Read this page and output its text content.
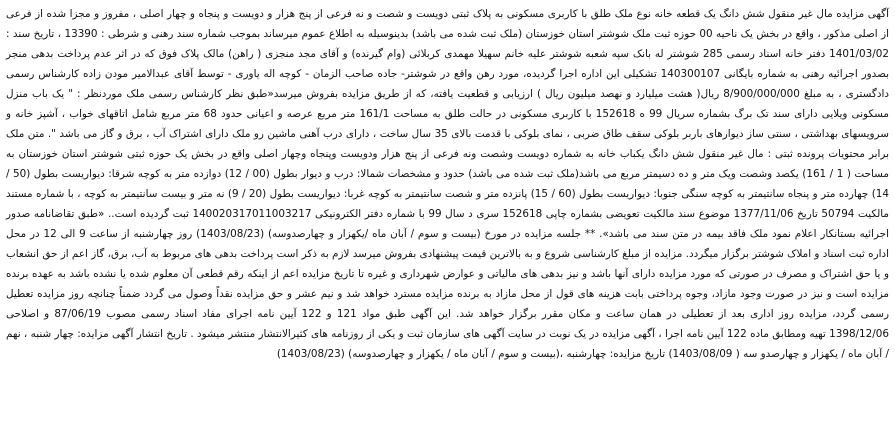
آگهی مزایده مال غیر منقول شش دانگ یک قطعه خانه نوع ملک طلق با کاربری مسکونی به پلاک ثبتی دویست و شصت و نه فرعی از پنج هزار و دویست و پنجاه و چهار اصلی ، مفروز و مجزا شده از فرعی از اصلی مذکور ، واقع در بخش یک ناحیه 00 حوزه ثبت ملک شوشتر استان خوزستان (ملک ثبت شده می باشد) بدینوسیله به اطلاع عموم میرساند بموجب شماره سند رهنی و شرطی : 13390 ، تاریخ سند : 1401/03/02 دفتر خانه اسناد رسمی 285 شوشتر له بانک سپه شعبه شوشتر علیه خانم سهیلا مهمدی کربلائی (وام گیرنده) و آقای مجد منجزی ( راهن) مالک پلاک فوق که در اثر عدم پرداخت بدهی منجر بصدور اجرائیه رهنی به شماره بایگانی 140300107 تشکیلی این اداره اجرا گردیده، مورد رهن واقع در شوشتر- جاده صاحب الزمان - کوچه اله یاوری - توسط آقای عبدالامیر مودن زاده کارشناس رسمی دادگستری ، به مبلغ 8/900/000/000 ریال( هشت میلیارد و نهصد میلیون ریال ) ارزیابی و قطعیت یافته، که از طریق مزایده بفروش میرسد«طبق نظر کارشناس رسمی ملک موردنظر : " یک باب منزل مسکونی ویلایی دارای سند تک برگ بشماره سریال 99 ه 152618 با کاربری مسکونی در حالت طلق به مساحت 161/1 متر مربع عرصه و اعیانی حدود 68 متر مربع شامل اتاقهای خواب ، آشپز خانه و سرویسهای بهداشتی ، سنتی ساز دیوارهای باربر بلوکی سقف طاق ضربی ، نمای بلوکی با قدمت بالای 35 سال ساخت ، دارای درب آهنی ماشین رو ملک دارای اشتراک آب ، برق و گاز می باشد ". متن ملک برابر محتویات پرونده ثبتی : مال غیر منقول شش دانگ یکباب خانه به شماره دویست وشصت ونه فرعی از پنج هزار ودویست وپنجاه وچهار اصلی واقع در بخش یک حوزه ثبتی شوشتر استان خوزستان به مساحت ( 1 / 161) یکصد وشصت ویک متر و ده دسیمتر مربع می باشد(ملک ثبت شده می باشد) حدود و مشخصات شمالا: درب و دیوار بطول (00 / 12) دوازده متر به کوچه شرقا: دیواریست بطول (50 / 14) چهارده متر و پنجاه سانتیمتر به کوچه سنگی جنوبا: دیواریست بطول (60 / 15) پانزده متر و شصت سانتیمتر به کوچه غربا: دیواریست بطول (20 / 9) نه متر و بیست سانتیمتر به کوچه ، با شماره مستند مالکیت 50794 تاریخ 1377/11/06 موضوع سند مالکیت تعویضی بشماره چاپی 152618 سری د سال 99 با شماره دفتر الکترونیکی 140020317011003217 ثبت گردیده است.. «طبق تقاضانامه صدور اجرائیه بستانکار اعلام نمود ملک فاقد بیمه در متن سند می باشد». ** جلسه مزایده در مورخ (بیست و سوم / آبان ماه /یکهزار و چهارصدوسه) (1403/08/23) روز چهارشنبه از ساعت 9 الی 12 در محل اداره ثبت اسناد و املاک شوشتر برگزار میگردد. مزایده از مبلغ کارشناسی شروع و به بالاترین قیمت پیشنهادی بفروش میرسد لازم به ذکر است پرداخت بدهی های مربوط به آب، برق، گاز اعم از حق انشعاب و یا حق اشتراک و مصرف در صورتی که مورد مزایده دارای آنها باشد و نیز بدهی های مالیاتی و عوارض شهرداری و غیره تا تاریخ مزایده اعم از اینکه رقم قطعی آن معلوم شده یا نشده باشد به عهده برنده مزایده است و نیز در صورت وجود مازاد، وجوه پرداختی بابت هزینه های قول از محل مازاد به برنده مزایده مسترد خواهد شد و نیم عشر و حق مزایده نقداً وصول می گردد ضمناً چنانچه روز مزایده تعطیل رسمی گردد، مزایده روز اداری بعد از تعطیلی در همان ساعت و مکان مقرر برگزار خواهد شد. این آگهی طبق مواد 121 و 122 آیین نامه اجرای مفاد اسناد رسمی مصوب 87/06/19 و اصلاحی 1398/12/06 تهیه ومطابق ماده 122 آیین نامه اجرا ، آگهی مزایده در یک نوبت در سایت آگهی های سازمان ثبت و یکی از روزنامه های کثیرالانتشار منتشر میشود . تاریخ انتشار آگهی مزایده: چهار شنبه ، نهم / آبان ماه / یکهزار و چهارصدو سه ( 1403/08/09) تاریخ مزایده: چهارشنبه ،(بیست و سوم / آبان ماه / یکهزار و چهارصدوسه) (1403/08/23)
